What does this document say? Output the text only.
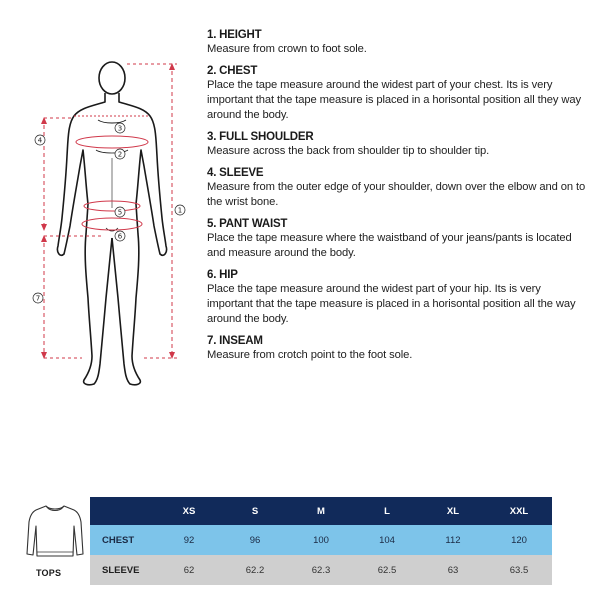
1
2
3
4
5
6
7
1. HEIGHT
Measure from crown to foot sole.
2. CHEST
Place the tape measure around the widest part of your chest. Its is very important that the tape measure is placed in a horisontal position all they way around the body.
3. FULL SHOULDER
Measure across the back from shoulder tip to shoulder tip.
4. SLEEVE
Measure from the outer edge of your shoulder, down over the elbow and on to the wrist bone.
5. PANT WAIST
Place the tape measure where the waistband of your jeans/pants is located and measure around the body.
6. HIP
Place the tape measure around the widest part of your hip. Its is very important that the tape measure is placed in a horisontal position all the way around the body.
7. INSEAM
Measure from crotch point to the foot sole.
TOPS
	XS	S	M	L	XL	XXL
CHEST	92	96	100	104	112	120
SLEEVE	62	62.2	62.3	62.5	63	63.5
